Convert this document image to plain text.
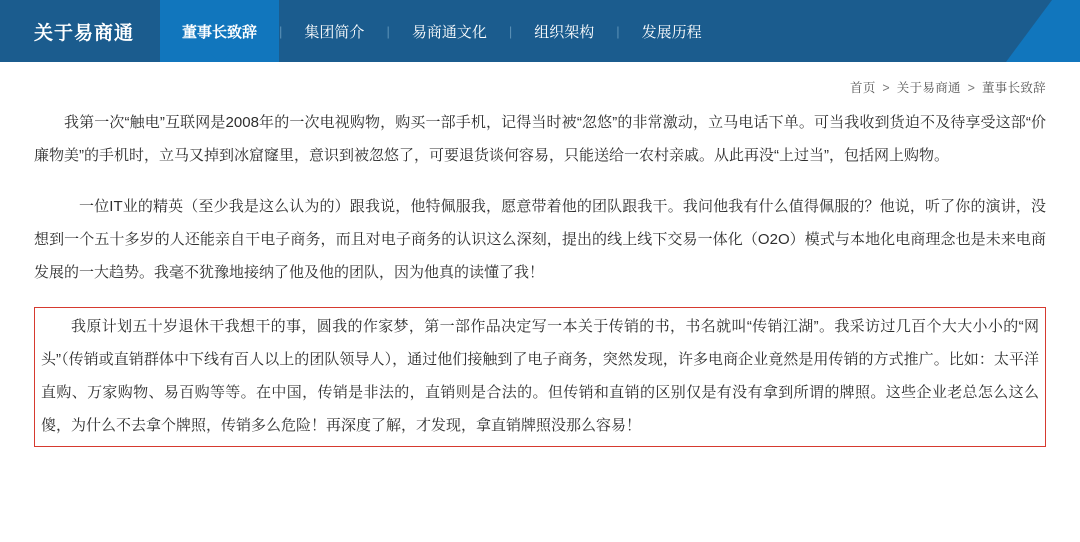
关于易商通	董事长致辞 | 集团简介 | 易商通文化 | 组织架构 | 发展历程
首页 > 关于易商通 > 董事长致辞

我第一次“触电”互联网是2008年的一次电视购物，购买一部手机，记得当时被“忽悠”的非常激动，立马电话下单。可当我收到货迫不及待享受这部“价廉物美”的手机时，立马又掉到冰窟窿里，意识到被忽悠了，可要退货谈何容易，只能送给一农村亲戚。从此再没“上过当”，包括网上购物。

一位IT业的精英（至少我是这么认为的）跟我说，他特佩服我，愿意带着他的团队跟我干。我问他我有什么值得佩服的？他说，听了你的演讲，没想到一个五十多岁的人还能亲自干电子商务，而且对电子商务的认识这么深刻，提出的线上线下交易一体化（O2O）模式与本地化电商理念也是未来电商发展的一大趋势。我毫不犹豫地接纳了他及他的团队，因为他真的读懂了我！

我原计划五十岁退休干我想干的事，圆我的作家梦，第一部作品决定写一本关于传销的书，书名就叫“传销江湖”。我采访过几百个大大小小的“网头”（传销或直销群体中下线有百人以上的团队领导人），通过他们接触到了电子商务，突然发现，许多电商企业竟然是用传销的方式推广。比如：太平洋直购、万家购物、易百购等等。在中国，传销是非法的，直销则是合法的。但传销和直销的区别仅是有没有拿到所谓的牌照。这些企业老总怎么这么傻，为什么不去拿个牌照，传销多么危险！再深度了解，才发现，拿直销牌照没那么容易！
